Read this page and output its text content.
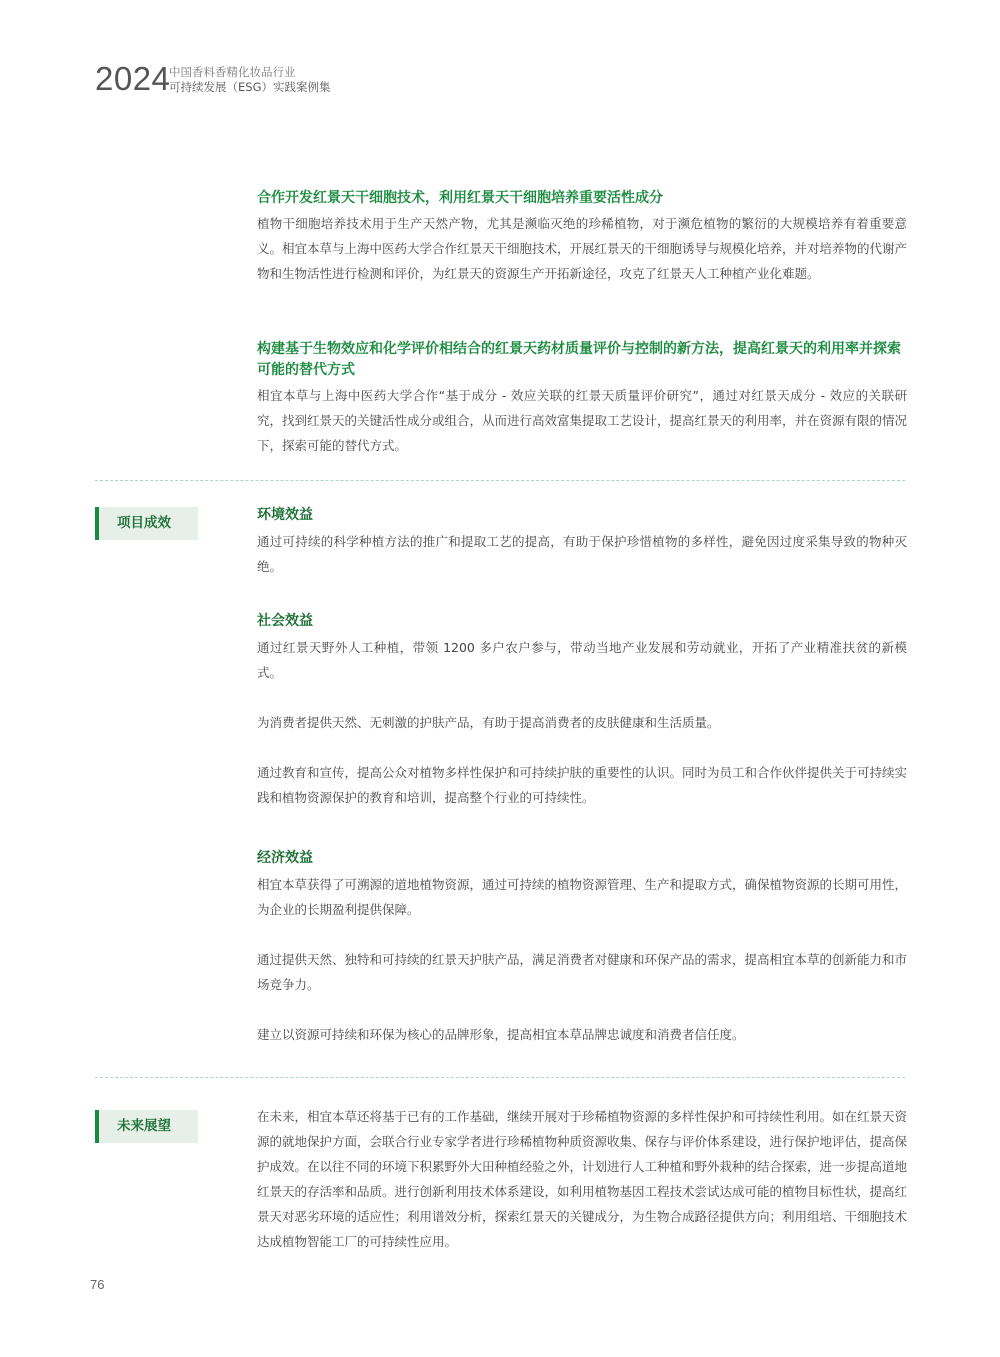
2024
中国香料香精化妆品行业
可持续发展（ESG）实践案例集

合作开发红景天干细胞技术，利用红景天干细胞培养重要活性成分

植物干细胞培养技术用于生产天然产物，尤其是濒临灭绝的珍稀植物，对于濒危植物的繁衍的大规模培养有着重要意义。相宜本草与上海中医药大学合作红景天干细胞技术，开展红景天的干细胞诱导与规模化培养，并对培养物的代谢产物和生物活性进行检测和评价，为红景天的资源生产开拓新途径，攻克了红景天人工种植产业化难题。

构建基于生物效应和化学评价相结合的红景天药材质量评价与控制的新方法，提高红景天的利用率并探索可能的替代方式

相宜本草与上海中医药大学合作“基于成分 - 效应关联的红景天质量评价研究”，通过对红景天成分 - 效应的关联研究，找到红景天的关键活性成分或组合，从而进行高效富集提取工艺设计，提高红景天的利用率，并在资源有限的情况下，探索可能的替代方式。

项目成效	环境效益

通过可持续的科学种植方法的推广和提取工艺的提高，有助于保护珍惜植物的多样性，避免因过度采集导致的物种灭绝。

社会效益

通过红景天野外人工种植，带领 1200 多户农户参与，带动当地产业发展和劳动就业，开拓了产业精准扶贫的新模式。

为消费者提供天然、无刺激的护肤产品，有助于提高消费者的皮肤健康和生活质量。

通过教育和宣传，提高公众对植物多样性保护和可持续护肤的重要性的认识。同时为员工和合作伙伴提供关于可持续实践和植物资源保护的教育和培训，提高整个行业的可持续性。

经济效益

相宜本草获得了可溯源的道地植物资源，通过可持续的植物资源管理、生产和提取方式，确保植物资源的长期可用性，为企业的长期盈利提供保障。

通过提供天然、独特和可持续的红景天护肤产品，满足消费者对健康和环保产品的需求，提高相宜本草的创新能力和市场竞争力。

建立以资源可持续和环保为核心的品牌形象，提高相宜本草品牌忠诚度和消费者信任度。

未来展望

在未来，相宜本草还将基于已有的工作基础，继续开展对于珍稀植物资源的多样性保护和可持续性利用。如在红景天资源的就地保护方面，会联合行业专家学者进行珍稀植物种质资源收集、保存与评价体系建设，进行保护地评估，提高保护成效。在以往不同的环境下积累野外大田种植经验之外，计划进行人工种植和野外栽种的结合探索，进一步提高道地红景天的存活率和品质。进行创新利用技术体系建设，如利用植物基因工程技术尝试达成可能的植物目标性状，提高红景天对恶劣环境的适应性；利用谱效分析，探索红景天的关键成分，为生物合成路径提供方向；利用组培、干细胞技术达成植物智能工厂的可持续性应用。

76
